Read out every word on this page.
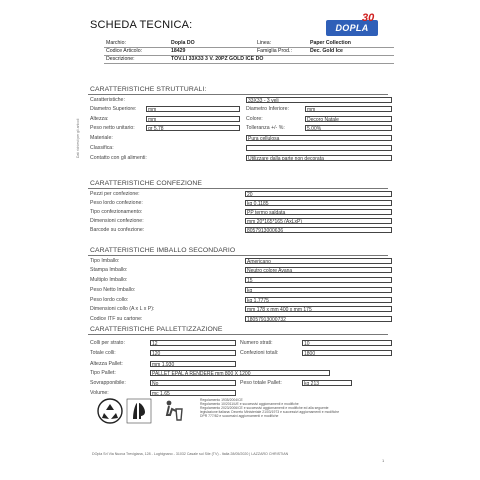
SCHEDA TECNICA:	DOPLA
30
Marchio:	Dopla DO
Codice Articolo:	18429
Descrizione:	TOV.LI 33X33 3 V. 20PZ GOLD ICE DO
Linea:	Paper Collection
Famiglia Prod.:	Dec. Gold Ice
Dati richiesti per gli articoli
CARATTERISTICHE STRUTTURALI:
Caratteristiche:	33X33 - 3 veli
Diametro Superiore:	mm	Diametro Inferiore:	mm
Altezza:	mm	Colore:	Decoro Natale
Peso netto unitario:	gr 5,78	Tolleranza +/- %:	5,00%
Materiale:	Pura cellulosa
Classifica:
Contatto con gli alimenti:	Utilizzare dalla parte non decorata
CARATTERISTICHE CONFEZIONE
Pezzi per confezione:	20
Peso lordo confezione:	kg 0,1185
Tipo confezionamento:	PP termo saldata
Dimensioni confezione:	mm 20*165*165 (AxLxP)
Barcode su confezione:	8057913000636
CARATTERISTICHE IMBALLO SECONDARIO
Tipo Imballo:	Americano
Stampa Imballo:	Neutro colore Avana
Multiplo Imballo:	15
Peso Netto Imballo:	kg
Peso lordo collo:	kg 1,7775
Dimensioni collo (A x L x P):	mm 178 x mm 400 x mm 175
Codice ITF su cartone:	18057913000732
CARATTERISTICHE PALLETTIZZAZIONE
Colli per strato:	12	Numero strati:	10
Totale colli:	120	Confezioni totali:	1800
Altezza Pallet:	mm 1.930
Tipo Pallet:	PALLET EPAL A RENDERE mm 800 X 1200
Sovrapponibile:	No	Peso totale Pallet:	kg 213
Volume:	mc 1,65
Regolamento 1935/2004/CE
Regolamento 10/2011/UE e successivi aggiornamenti e modifiche
Regolamento 2023/2006/CE e successivi aggiornamenti e modifiche ed alla seguente
legislazione italiana: Decreto Ministeriale 21/03/1973 e successivi aggiornamenti e modifiche
DPR 777/82 e successivi aggiornamenti e modifiche
DOpla Srl Via Nuova Trevigiana, 128 - Lughignano - 31032 Casale sul Sile (TV) - Italia 28/05/2020 | LAZZARO CHRISTIAN
1
